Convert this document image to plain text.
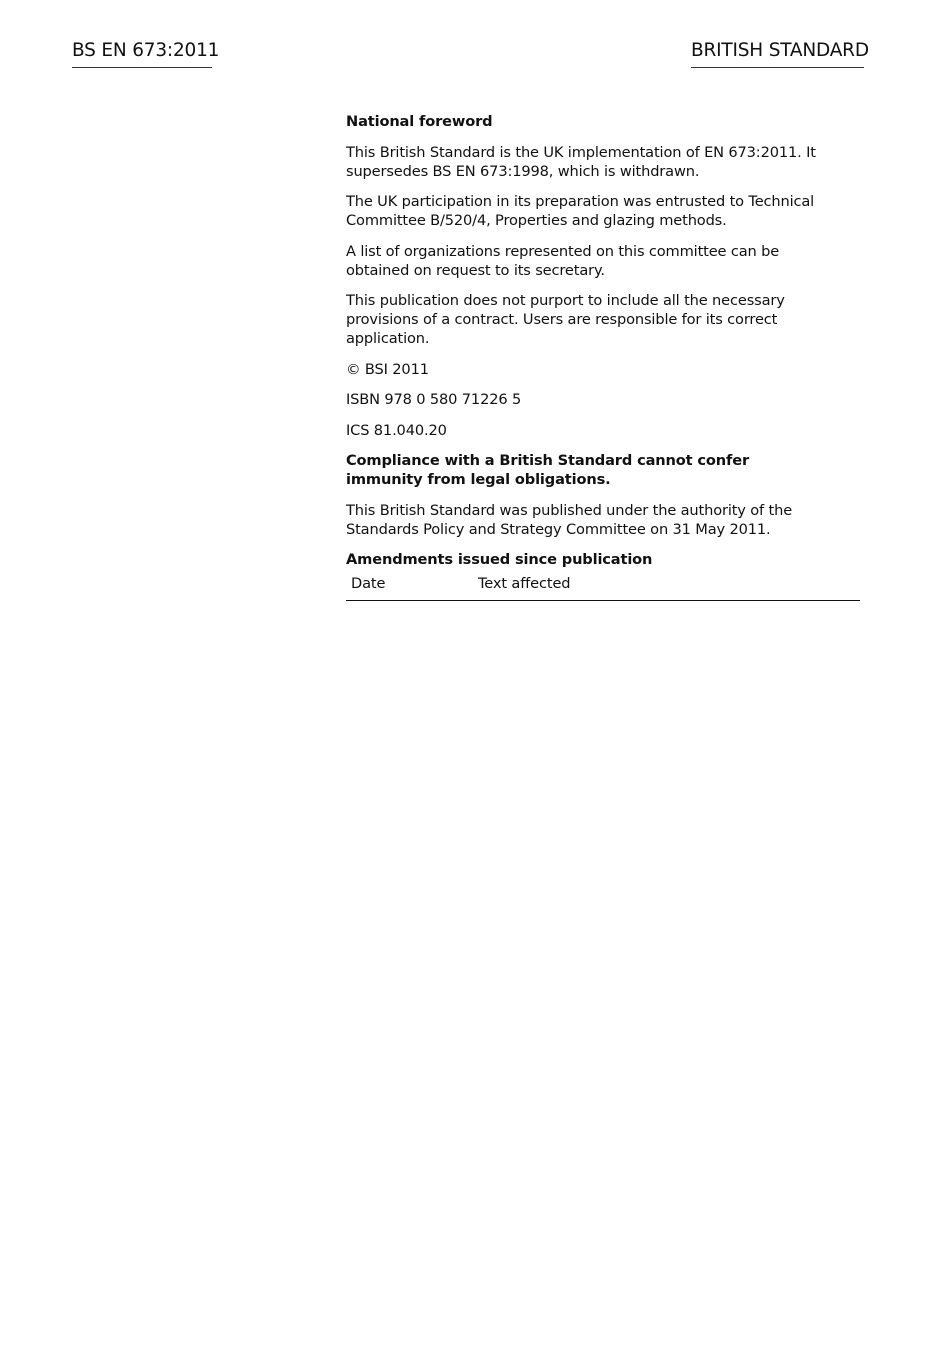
BS EN 673:2011	BRITISH STANDARD
National foreword

This British Standard is the UK implementation of EN 673:2011. It supersedes BS EN 673:1998, which is withdrawn.

The UK participation in its preparation was entrusted to Technical Committee B/520/4, Properties and glazing methods.

A list of organizations represented on this committee can be obtained on request to its secretary.

This publication does not purport to include all the necessary provisions of a contract. Users are responsible for its correct application.

© BSI 2011

ISBN 978 0 580 71226 5

ICS 81.040.20

Compliance with a British Standard cannot confer immunity from legal obligations.

This British Standard was published under the authority of the Standards Policy and Strategy Committee on 31 May 2011.

Amendments issued since publication
Date	Text affected
